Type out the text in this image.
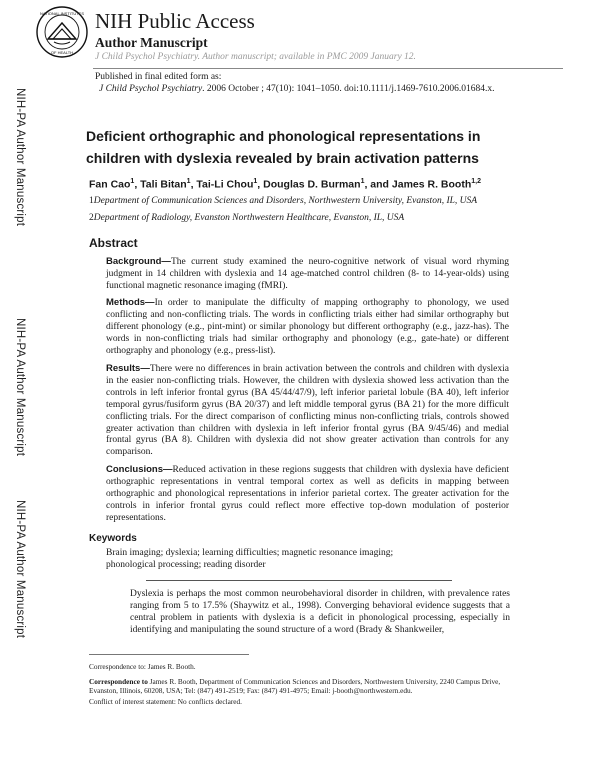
NATIONAL INSTITUTES
OF HEALTH
NIH Public Access
Author Manuscript
J Child Psychol Psychiatry. Author manuscript; available in PMC 2009 January 12.
Published in final edited form as:
J Child Psychol Psychiatry. 2006 October ; 47(10): 1041–1050. doi:10.1111/j.1469-7610.2006.01684.x.
NIH-PA Author Manuscript
NIH-PA Author Manuscript
NIH-PA Author Manuscript
Deficient orthographic and phonological representations in children with dyslexia revealed by brain activation patterns
Fan Cao$^1$, Tali Bitan$^1$, Tai-Li Chou$^1$, Douglas D. Burman$^1$, and James R. Booth$^{1,2}$
1Department of Communication Sciences and Disorders, Northwestern University, Evanston, IL, USA
2Department of Radiology, Evanston Northwestern Healthcare, Evanston, IL, USA
Abstract
Background—The current study examined the neuro-cognitive network of visual word rhyming judgment in 14 children with dyslexia and 14 age-matched control children (8- to 14-year-olds) using functional magnetic resonance imaging (fMRI).
Methods—In order to manipulate the difficulty of mapping orthography to phonology, we used conflicting and non-conflicting trials. The words in conflicting trials either had similar orthography but different phonology (e.g., pint-mint) or similar phonology but different orthography (e.g., jazz-has). The words in non-conflicting trials had similar orthography and phonology (e.g., gate-hate) or different orthography and phonology (e.g., press-list).
Results—There were no differences in brain activation between the controls and children with dyslexia in the easier non-conflicting trials. However, the children with dyslexia showed less activation than the controls in left inferior frontal gyrus (BA 45/44/47/9), left inferior parietal lobule (BA 40), left inferior temporal gyrus/fusiform gyrus (BA 20/37) and left middle temporal gyrus (BA 21) for the more difficult conflicting trials. For the direct comparison of conflicting minus non-conflicting trials, controls showed greater activation than children with dyslexia in left inferior frontal gyrus (BA 9/45/46) and medial frontal gyrus (BA 8). Children with dyslexia did not show greater activation than controls for any comparison.
Conclusions—Reduced activation in these regions suggests that children with dyslexia have deficient orthographic representations in ventral temporal cortex as well as deficits in mapping between orthographic and phonological representations in inferior parietal cortex. The greater activation for the controls in inferior frontal gyrus could reflect more effective top-down modulation of posterior representations.
Keywords
Brain imaging; dyslexia; learning difficulties; magnetic resonance imaging; phonological processing; reading disorder
Dyslexia is perhaps the most common neurobehavioral disorder in children, with prevalence rates ranging from 5 to 17.5% (Shaywitz et al., 1998). Converging behavioral evidence suggests that a central problem in patients with dyslexia is a deficit in phonological processing, especially in identifying and manipulating the sound structure of a word (Brady & Shankweiler,
Correspondence to: James R. Booth.
Correspondence to James R. Booth, Department of Communication Sciences and Disorders, Northwestern University, 2240 Campus Drive, Evanston, Illinois, 60208, USA; Tel: (847) 491-2519; Fax: (847) 491-4975; Email: j-booth@northwestern.edu.
Conflict of interest statement: No conflicts declared.
